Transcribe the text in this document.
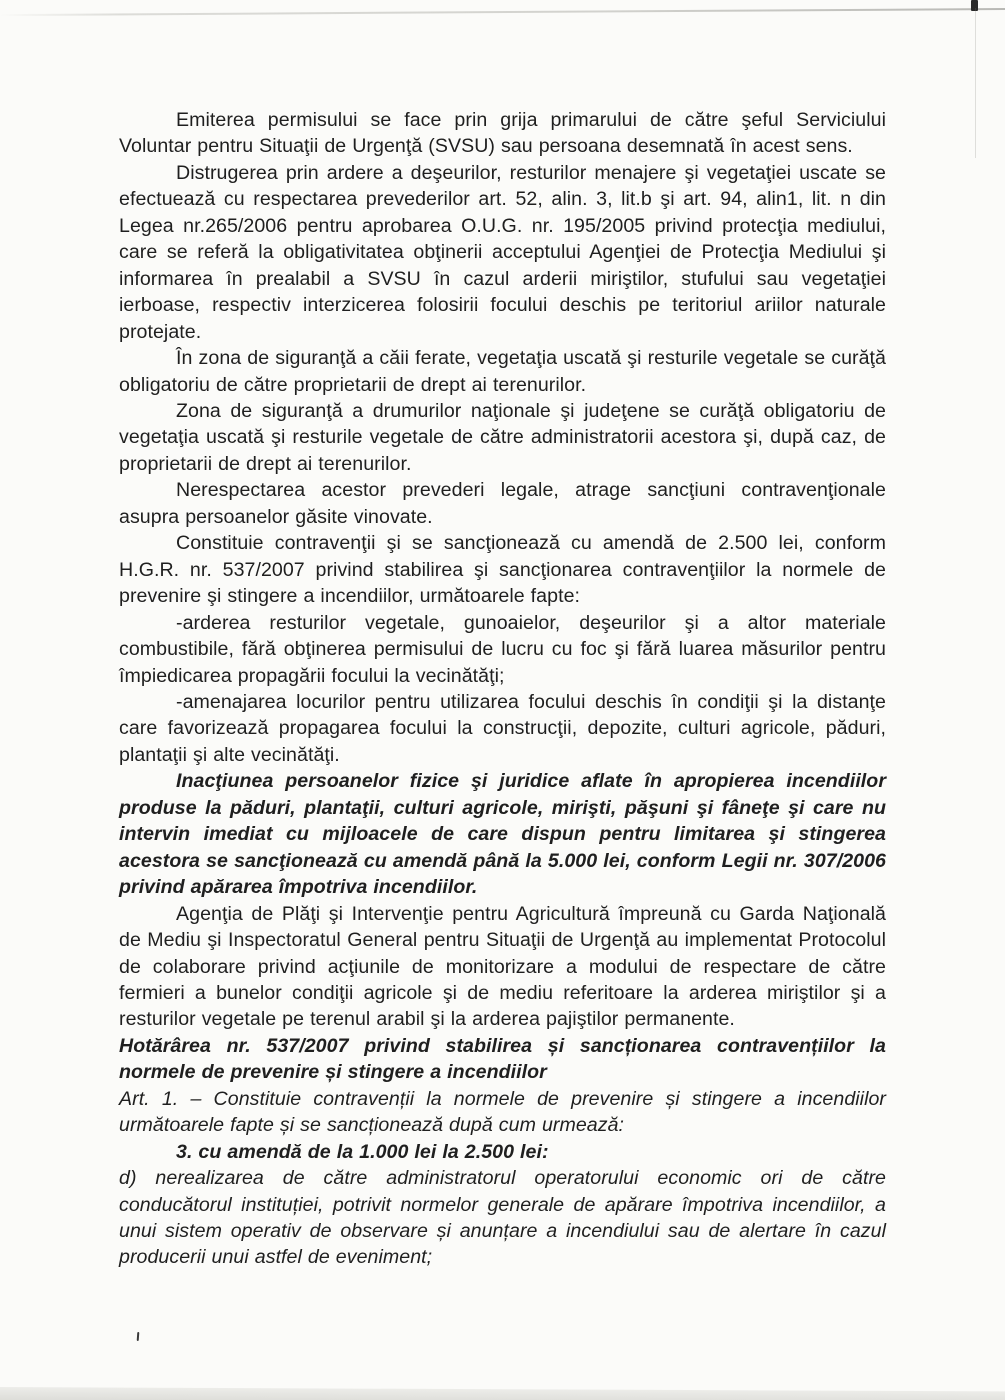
Emiterea permisului se face prin grija primarului de către şeful Serviciului Voluntar pentru Situaţii de Urgenţă (SVSU) sau persoana desemnată în acest sens.

Distrugerea prin ardere a deşeurilor, resturilor menajere şi vegetaţiei uscate se efectuează cu respectarea prevederilor art. 52, alin. 3, lit.b şi art. 94, alin1, lit. n din Legea nr.265/2006 pentru aprobarea O.U.G. nr. 195/2005 privind protecţia mediului, care se referă la obligativitatea obţinerii acceptului Agenţiei de Protecţia Mediului şi informarea în prealabil a SVSU în cazul arderii miriştilor, stufului sau vegetaţiei ierboase, respectiv interzicerea folosirii focului deschis pe teritoriul ariilor naturale protejate.

În zona de siguranţă a căii ferate, vegetaţia uscată şi resturile vegetale se curăţă obligatoriu de către proprietarii de drept ai terenurilor.

Zona de siguranţă a drumurilor naţionale şi judeţene se curăţă obligatoriu de vegetaţia uscată şi resturile vegetale de către administratorii acestora şi, după caz, de proprietarii de drept ai terenurilor.

Nerespectarea acestor prevederi legale, atrage sancţiuni contravenţionale asupra persoanelor găsite vinovate.

Constituie contravenţii şi se sancţionează cu amendă de 2.500 lei, conform H.G.R. nr. 537/2007 privind stabilirea şi sancţionarea contravenţiilor la normele de prevenire şi stingere a incendiilor, următoarele fapte:

-arderea resturilor vegetale, gunoaielor, deşeurilor şi a altor materiale combustibile, fără obţinerea permisului de lucru cu foc şi fără luarea măsurilor pentru împiedicarea propagării focului la vecinătăţi;

-amenajarea locurilor pentru utilizarea focului deschis în condiţii şi la distanţe care favorizează propagarea focului la construcţii, depozite, culturi agricole, păduri, plantaţii şi alte vecinătăţi.

Inacţiunea persoanelor fizice şi juridice aflate în apropierea incendiilor produse la păduri, plantaţii, culturi agricole, mirişti, păşuni şi fâneţe şi care nu intervin imediat cu mijloacele de care dispun pentru limitarea şi stingerea acestora se sancţionează cu amendă până la 5.000 lei, conform Legii nr. 307/2006 privind apărarea împotriva incendiilor.

Agenţia de Plăţi şi Intervenţie pentru Agricultură împreună cu Garda Naţională de Mediu şi Inspectoratul General pentru Situaţii de Urgenţă au implementat Protocolul de colaborare privind acţiunile de monitorizare a modului de respectare de către fermieri a bunelor condiţii agricole şi de mediu referitoare la arderea miriştilor şi a resturilor vegetale pe terenul arabil şi la arderea pajiştilor permanente.

Hotărârea nr. 537/2007 privind stabilirea și sancționarea contravențiilor la normele de prevenire și stingere a incendiilor

Art. 1. – Constituie contravenții la normele de prevenire și stingere a incendiilor următoarele fapte și se sancționează după cum urmează:

3. cu amendă de la 1.000 lei la 2.500 lei:

d) nerealizarea de către administratorul operatorului economic ori de către conducătorul instituției, potrivit normelor generale de apărare împotriva incendiilor, a unui sistem operativ de observare și anunțare a incendiului sau de alertare în cazul producerii unui astfel de eveniment;
